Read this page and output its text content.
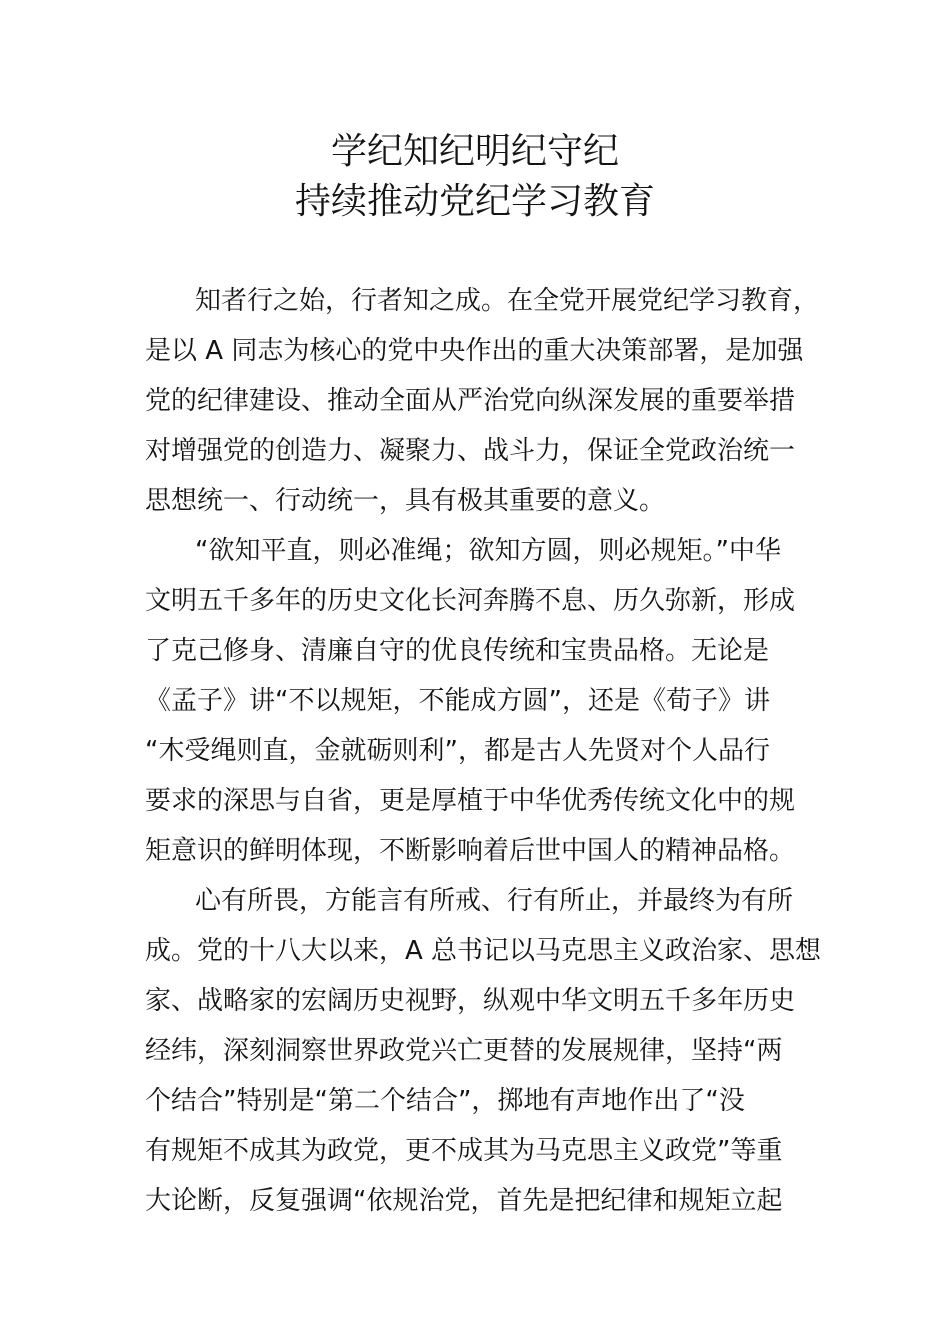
学纪知纪明纪守纪
持续推动党纪学习教育
知者行之始，行者知之成。在全党开展党纪学习教育，
是以 A 同志为核心的党中央作出的重大决策部署，是加强
党的纪律建设、推动全面从严治党向纵深发展的重要举措
对增强党的创造力、凝聚力、战斗力，保证全党政治统一
思想统一、行动统一，具有极其重要的意义。
“欲知平直，则必准绳；欲知方圆，则必规矩。”中华
文明五千多年的历史文化长河奔腾不息、历久弥新，形成
了克己修身、清廉自守的优良传统和宝贵品格。无论是
《孟子》讲“不以规矩，不能成方圆”，还是《荀子》讲
“木受绳则直，金就砺则利”，都是古人先贤对个人品行
要求的深思与自省，更是厚植于中华优秀传统文化中的规
矩意识的鲜明体现，不断影响着后世中国人的精神品格。
心有所畏，方能言有所戒、行有所止，并最终为有所
成。党的十八大以来，A 总书记以马克思主义政治家、思想
家、战略家的宏阔历史视野，纵观中华文明五千多年历史
经纬，深刻洞察世界政党兴亡更替的发展规律，坚持“两
个结合”特别是“第二个结合”，掷地有声地作出了“没
有规矩不成其为政党，更不成其为马克思主义政党”等重
大论断，反复强调“依规治党，首先是把纪律和规矩立起
